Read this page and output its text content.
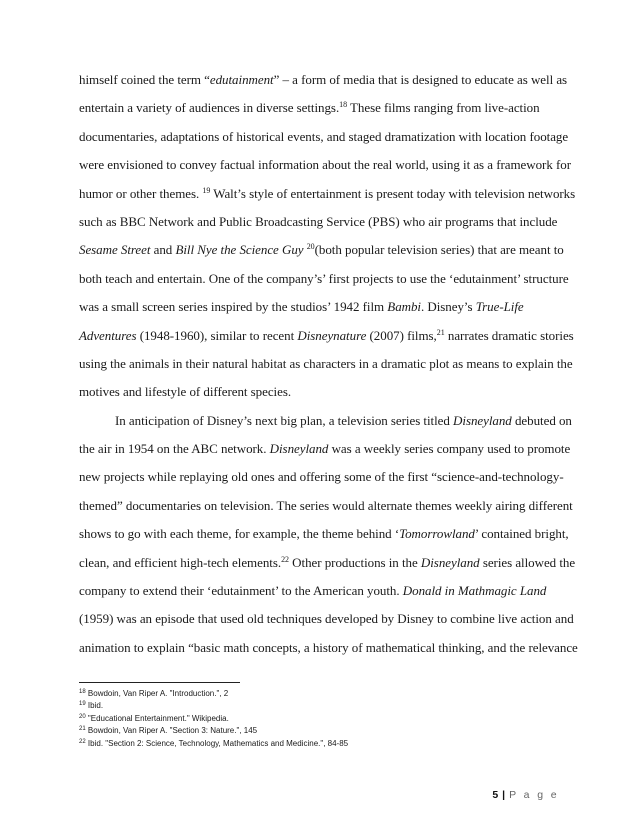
himself coined the term “edutainment” – a form of media that is designed to educate as well as
entertain a variety of audiences in diverse settings.$^{18}$ These films ranging from live-action
documentaries, adaptations of historical events, and staged dramatization with location footage
were envisioned to convey factual information about the real world, using it as a framework for
humor or other themes. $^{19}$ Walt’s style of entertainment is present today with television networks
such as BBC Network and Public Broadcasting Service (PBS) who air programs that include
Sesame Street and Bill Nye the Science Guy $^{20}$(both popular television series) that are meant to
both teach and entertain. One of the company’s’ first projects to use the ‘edutainment’ structure
was a small screen series inspired by the studios’ 1942 film Bambi. Disney’s True-Life
Adventures (1948-1960), similar to recent Disneynature (2007) films,$^{21}$ narrates dramatic stories
using the animals in their natural habitat as characters in a dramatic plot as means to explain the
motives and lifestyle of different species.
In anticipation of Disney’s next big plan, a television series titled Disneyland debuted on
the air in 1954 on the ABC network. Disneyland was a weekly series company used to promote
new projects while replaying old ones and offering some of the first “science-and-technology-
themed” documentaries on television. The series would alternate themes weekly airing different
shows to go with each theme, for example, the theme behind ‘Tomorrowland’ contained bright,
clean, and efficient high-tech elements.$^{22}$ Other productions in the Disneyland series allowed the
company to extend their ‘edutainment’ to the American youth. Donald in Mathmagic Land
(1959) was an episode that used old techniques developed by Disney to combine live action and
animation to explain “basic math concepts, a history of mathematical thinking, and the relevance
$^{18}$ Bowdoin, Van Riper A. "Introduction.", 2
$^{19}$ Ibid.
$^{20}$ "Educational Entertainment." Wikipedia.
$^{21}$ Bowdoin, Van Riper A. "Section 3: Nature.", 145
$^{22}$ Ibid. "Section 2: Science, Technology, Mathematics and Medicine.", 84-85
5 | P a g e
